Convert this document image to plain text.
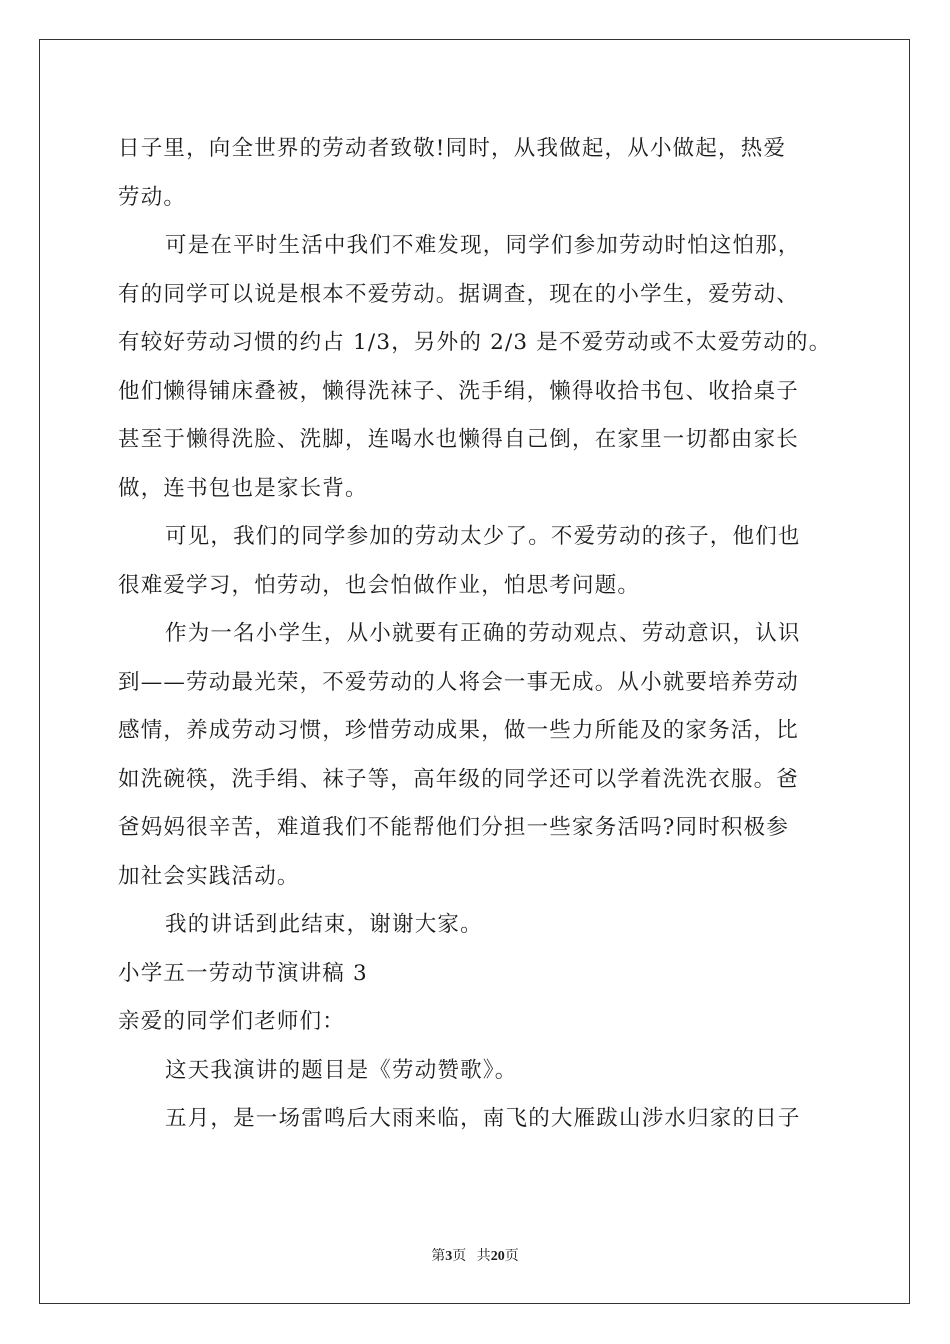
日子里，向全世界的劳动者致敬!同时，从我做起，从小做起，热爱
劳动。
可是在平时生活中我们不难发现，同学们参加劳动时怕这怕那，
有的同学可以说是根本不爱劳动。据调查，现在的小学生，爱劳动、
有较好劳动习惯的约占 1/3，另外的 2/3 是不爱劳动或不太爱劳动的。
他们懒得铺床叠被，懒得洗袜子、洗手绢，懒得收拾书包、收拾桌子
甚至于懒得洗脸、洗脚，连喝水也懒得自己倒，在家里一切都由家长
做，连书包也是家长背。
可见，我们的同学参加的劳动太少了。不爱劳动的孩子，他们也
很难爱学习，怕劳动，也会怕做作业，怕思考问题。
作为一名小学生，从小就要有正确的劳动观点、劳动意识，认识
到——劳动最光荣，不爱劳动的人将会一事无成。从小就要培养劳动
感情，养成劳动习惯，珍惜劳动成果，做一些力所能及的家务活，比
如洗碗筷，洗手绢、袜子等，高年级的同学还可以学着洗洗衣服。爸
爸妈妈很辛苦，难道我们不能帮他们分担一些家务活吗?同时积极参
加社会实践活动。
我的讲话到此结束，谢谢大家。
小学五一劳动节演讲稿 3
亲爱的同学们老师们：
这天我演讲的题目是《劳动赞歌》。
五月，是一场雷鸣后大雨来临，南飞的大雁跋山涉水归家的日子
第3页 共20页
